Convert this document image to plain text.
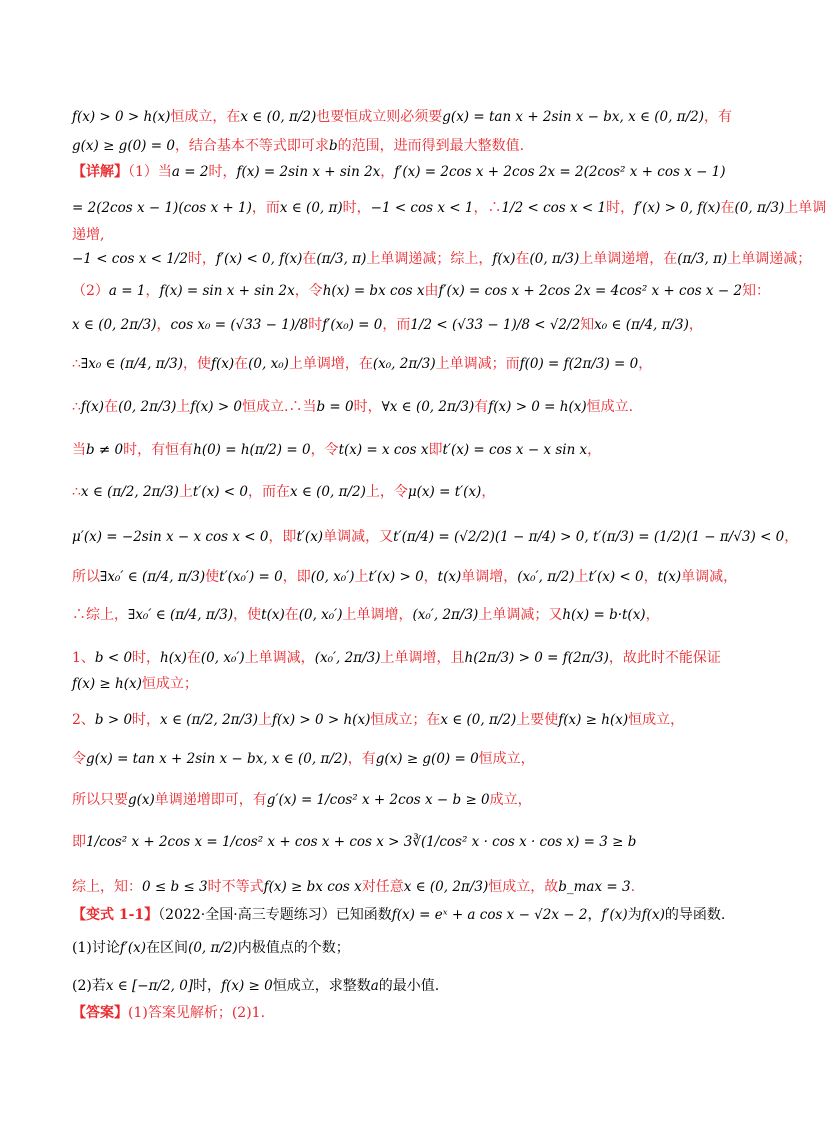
f(x) > 0 > h(x)恒成立，在x ∈ (0, π/2)也要恒成立则必须要g(x) = tan x + 2sin x − bx, x ∈ (0, π/2)，有
g(x) ≥ g(0) = 0，结合基本不等式即可求b的范围，进而得到最大整数值.
【详解】（1）当a = 2时，f(x) = 2sin x + sin 2x，f′(x) = 2cos x + 2cos 2x = 2(2cos² x + cos x − 1)
= 2(2cos x − 1)(cos x + 1)，而x ∈ (0, π)时，−1 < cos x < 1，∴1/2 < cos x < 1时，f′(x) > 0, f(x)在(0, π/3)上单调
递增,
−1 < cos x < 1/2时，f′(x) < 0, f(x)在(π/3, π)上单调递减；综上，f(x)在(0, π/3)上单调递增，在(π/3, π)上单调递减；
（2）a = 1，f(x) = sin x + sin 2x，令h(x) = bx cos x由f′(x) = cos x + 2cos 2x = 4cos² x + cos x − 2知：
x ∈ (0, 2π/3)，cos x₀ = (√33 − 1)/8时f′(x₀) = 0，而1/2 < (√33 − 1)/8 < √2/2知x₀ ∈ (π/4, π/3)，
∴∃x₀ ∈ (π/4, π/3)，使f(x)在(0, x₀)上单调增，在(x₀, 2π/3)上单调减；而f(0) = f(2π/3) = 0，
∴f(x)在(0, 2π/3)上f(x) > 0恒成立.∴当b = 0时，∀x ∈ (0, 2π/3)有f(x) > 0 = h(x)恒成立.
当b ≠ 0时，有恒有h(0) = h(π/2) = 0，令t(x) = x cos x即t′(x) = cos x − x sin x，
∴x ∈ (π/2, 2π/3)上t′(x) < 0，而在x ∈ (0, π/2)上，令μ(x) = t′(x)，
μ′(x) = −2sin x − x cos x < 0，即t′(x)单调减，又t′(π/4) = (√2/2)(1 − π/4) > 0, t′(π/3) = (1/2)(1 − π/√3) < 0，
所以∃x₀′ ∈ (π/4, π/3)使t′(x₀′) = 0，即(0, x₀′)上t′(x) > 0，t(x)单调增，(x₀′, π/2)上t′(x) < 0，t(x)单调减，
∴综上，∃x₀′ ∈ (π/4, π/3)，使t(x)在(0, x₀′)上单调增，(x₀′, 2π/3)上单调减；又h(x) = b·t(x)，
1、b < 0时，h(x)在(0, x₀′)上单调减，(x₀′, 2π/3)上单调增，且h(2π/3) > 0 = f(2π/3)，故此时不能保证
f(x) ≥ h(x)恒成立；
2、b > 0时，x ∈ (π/2, 2π/3)上f(x) > 0 > h(x)恒成立；在x ∈ (0, π/2)上要使f(x) ≥ h(x)恒成立，
令g(x) = tan x + 2sin x − bx, x ∈ (0, π/2)，有g(x) ≥ g(0) = 0恒成立，
所以只要g(x)单调递增即可，有g′(x) = 1/cos² x + 2cos x − b ≥ 0成立，
即1/cos² x + 2cos x = 1/cos² x + cos x + cos x > 3∛(1/cos² x · cos x · cos x) = 3 ≥ b
综上，知：0 ≤ b ≤ 3时不等式f(x) ≥ bx cos x对任意x ∈ (0, 2π/3)恒成立，故b_max = 3.
【变式 1-1】（2022·全国·高三专题练习）已知函数f(x) = eˣ + a cos x − √2x − 2，f′(x)为f(x)的导函数.
(1)讨论f′(x)在区间(0, π/2)内极值点的个数；
(2)若x ∈ [−π/2, 0]时，f(x) ≥ 0恒成立，求整数a的最小值.
【答案】(1)答案见解析；(2)1.
